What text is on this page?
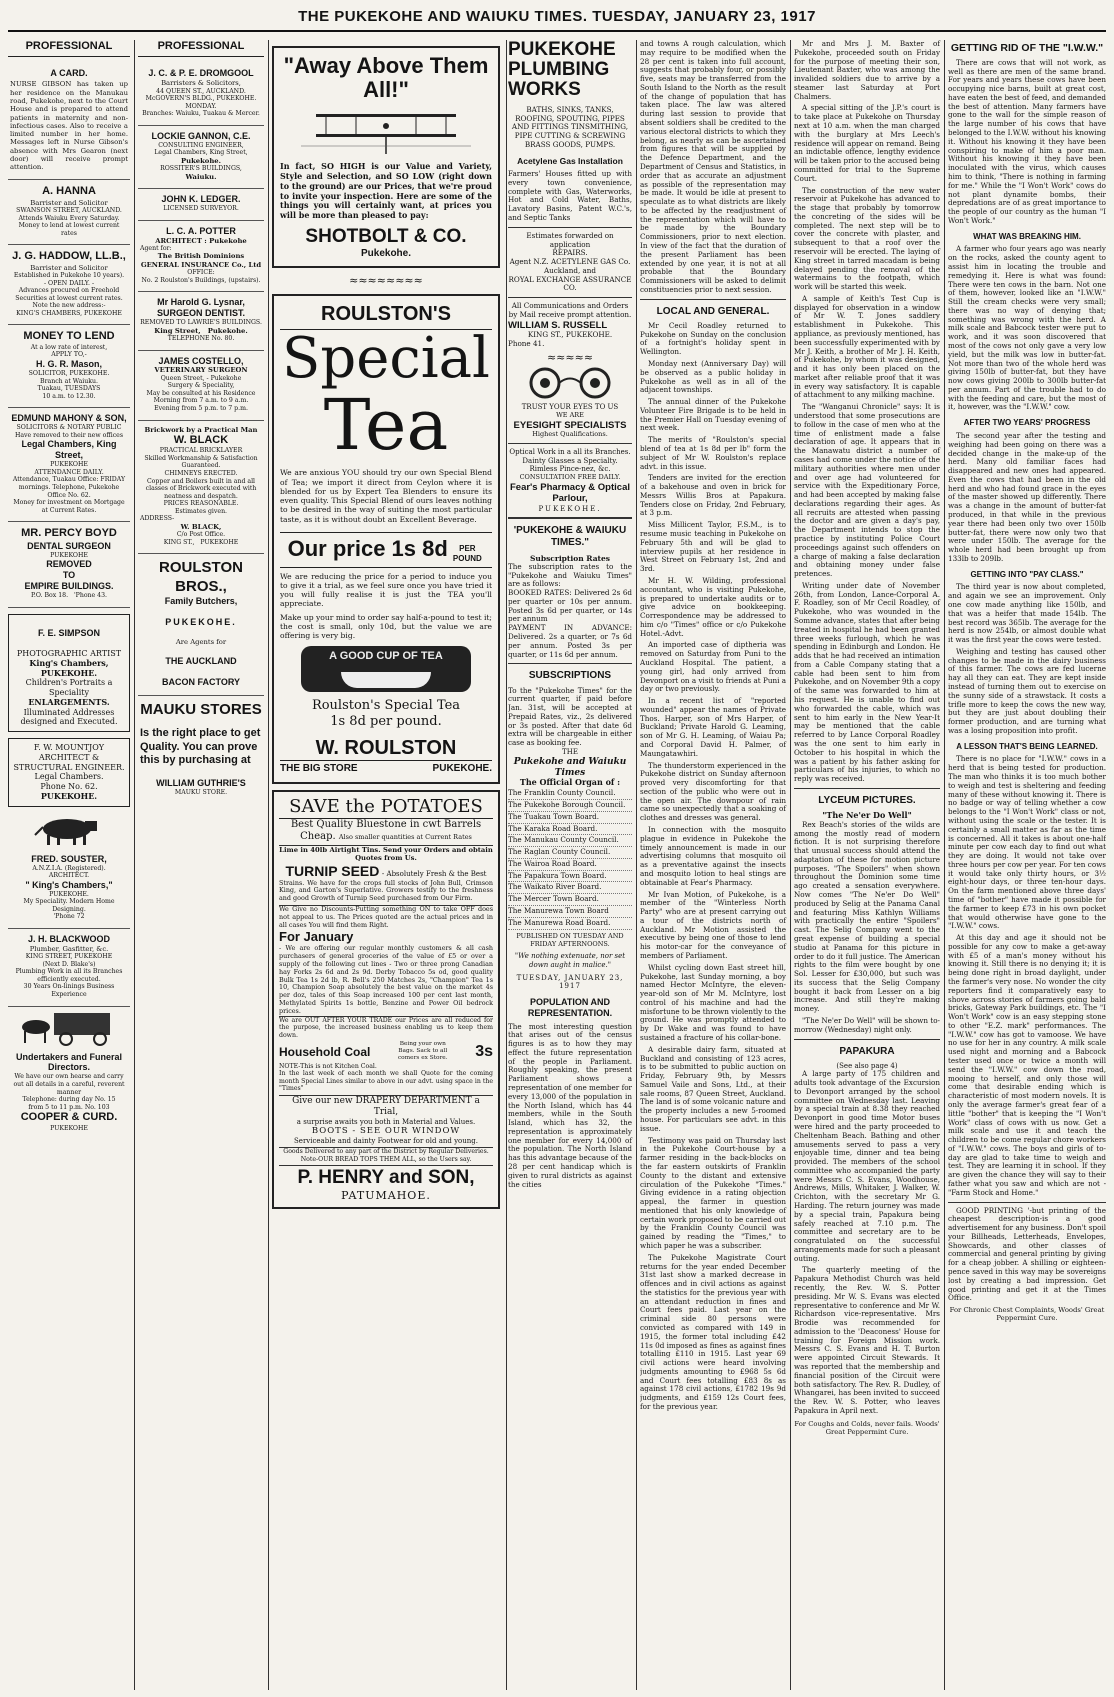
THE PUKEKOHE AND WAIUKU TIMES. TUESDAY, JANUARY 23, 1917
PROFESSIONAL
A CARD.

NURSE GIBSON has taken up her residence on the Manukau road, Pukekohe, next to the Court House and is prepared to attend patients in maternity and non-infectious cases. Also to receive a limited number in her home. Messages left in Nurse Gibson's absence with Mrs Gearon (next door) will receive prompt attention.

A. HANNA
Barrister and Solicitor
SWANSON STREET, AUCKLAND.
Attends Waiuku Every Saturday.
Money to lend at lowest current rates
J. G. HADDOW, LL.B.,
Barrister and Solicitor
Established in Pukekohe 10 years).
- OPEN DAILY. -
Advances procured on Freehold Securities at lowest current rates.
Note the new address:-
KING'S CHAMBERS, PUKEKOHE
MONEY TO LEND
At a low rate of interest,
APPLY TO,-
H. G. R. Mason,
SOLICITOR, PUKEKOHE.
Branch at Waiuku.
Tuakau, TUESDAYS
10 a.m. to 12.30.
EDMUND MAHONY & SON,
SOLICITORS & NOTARY PUBLIC
Have removed to their new offices
Legal Chambers, King Street,
PUKEKOHE
ATTENDANCE DAILY.
Attendance, Tuakau Office: FRIDAY mornings. Telephone, Pukekohe Office No. 62.
Money for investment on Mortgage at Current Rates.
MR. PERCY BOYD
DENTAL SURGEON
PUKEKOHE
REMOVED
TO
EMPIRE BUILDINGS.
P.O. Box 18. 'Phone 43.
F. E. SIMPSON
PHOTOGRAPHIC ARTIST
King's Chambers,
PUKEKOHE.
Children's Portraits a Speciality
ENLARGEMENTS.
Illuminated Addresses designed and Executed.
F. W. MOUNTJOY
ARCHITECT & STRUCTURAL ENGINEER.
Legal Chambers.
Phone No. 62. PUKEKOHE.
FRED. SOUSTER,
A.N.Z.I.A. (Registered).
ARCHITECT.
" King's Chambers,"
PUKEKOHE.
My Speciality. Modern Home Designing.
'Phone 72
J. H. BLACKWOOD
Plumber, Gasfitter, &c.
KING STREET, PUKEKOHE
(Next D. Blake's)
Plumbing Work in all its Branches efficiently executed.
30 Years On-linings Business Experience
Undertakers and Funeral Directors.
We have our own hearse and carry out all details in a careful, reverent manner
Telephone: during day No. 15
from 5 to 11 p.m. No. 103
COOPER & CURD.
PUKEKOHE
PROFESSIONAL
J. C. & P. E. DROMGOOL
Barristers & Solicitors,
44 QUEEN ST., AUCKLAND.
McGOVERN'S BLDG., PUKEKOHE.
MONDAY.
Branches: Waiuku, Tuakau & Mercer.
LOCKIE GANNON, C.E.
CONSULTING ENGINEER,
Legal Chambers, King Street,
Pukekohe.
ROSSITER'S BUILDINGS,
Waiuku.
JOHN K. LEDGER.
LICENSED SURVEYOR.
L. C. A. POTTER
ARCHITECT : Pukekohe
Agent for:
The British Dominions GENERAL INSURANCE Co., Ltd
OFFICE:
No. 2 Roulston's Buildings, (upstairs).
Mr Harold G. Lysnar,
SURGEON DENTIST.
REMOVED TO LAWRIE'S BUILDINGS.
King Street, Pukekohe.
TELEPHONE No. 80.
JAMES COSTELLO,
VETERINARY SURGEON
Queen Street, - Pukekohe
Surgery & Speciality,
May be consulted at his Residence
Morning from 7 a.m. to 9 a.m.
Evening from 5 p.m. to 7 p.m.
Brickwork by a Practical Man
W. BLACK
PRACTICAL BRICKLAYER
Skilled Workmanship & Satisfaction Guaranteed.
CHIMNEYS ERECTED.
Copper and Boilers built in and all classes of Brickwork executed with neatness and despatch.
PRICES REASONABLE.
Estimates given.
ADDRESS-
W. BLACK,
C/o Post Office.
KING ST., PUKEKOHE
ROULSTON BROS.,
Family Butchers,
PUKEKOHE.
Are Agents for
THE AUCKLAND
BACON FACTORY
MAUKU STORES
Is the right place to get Quality. You can prove this by purchasing at
WILLIAM GUTHRIE'S
MAUKU STORE.
"Away Above Them All!"
In fact, SO HIGH is our Value and Variety, Style and Selection, and SO LOW (right down to the ground) are our Prices, that we're proud to invite your inspection. Here are some of the things you will certainly want, at prices you will be more than pleased to pay:
SHOTBOLT & CO.
Pukekohe.
≈≈≈≈≈≈≈≈
ROULSTON'S
Special
Tea
We are anxious YOU should try our own Special Blend of Tea; we import it direct from Ceylon where it is blended for us by Expert Tea Blenders to ensure its even quality. This Special Blend of ours leaves nothing to be desired in the way of suiting the most particular taste, as it is without doubt an Excellent Beverage.
Our price 1s 8d PER POUND
We are reducing the price for a period to induce you to give it a trial, as we feel sure once you have tried it you will fully realise it is just the TEA you'll appreciate.
Make up your mind to order say half-a-pound to test it; the cost is small, only 10d, but the value we are offering is very big.
A GOOD CUP OF TEA
Roulston's Special Tea
1s 8d per pound.
W. ROULSTON
THE BIG STORE	PUKEKOHE.
SAVE the POTATOES
Best Quality Bluestone in cwt Barrels
Cheap. Also smaller quantities at Current Rates
Lime in 40lb Airtight Tins. Send your Orders and obtain Quotes from Us.
TURNIP SEED - Absolutely Fresh & the Best
Strains. We have for the crops full stocks of John Bull, Crimson King, and Garton's Superlative. Growers testify to the freshness and good Growth of Turnip Seed purchased from Our Firm.
We Give no Discounts-Putting something ON to take OFF does not appeal to us. The Prices quoted are the actual prices and in all cases You will find them Right.
For January
- We are offering our regular monthly customers & all cash purchasers of general groceries of the value of £5 or over a supply of the following cut lines - Two or three prong Canadian hay Forks 2s 6d and 2s 9d. Derby Tobacco 5s od, good quality Bulk Tea 1s 2d lb, R. Bell's 250 Matches 2s, "Champion" Tea 1s 10, Champion Soap absolutely the best value on the market 4s per doz, tales of this Soap increased 100 per cent last month, Methylated Spirits 1s bottle, Benzine and Power Oil bedrock prices.
We are OUT AFTER YOUR TRADE our Prices are all reduced for the purpose, the increased business enabling us to keep them down.
Household Coal
Being your own Bags. Sack to all comers ex Store.	3s
NOTE-This is not Kitchen Coal.
In the last week of each month we shall Quote for the coming month Special Lines similar to above in our advt. using space in the "Times"
Give our new DRAPERY DEPARTMENT a Trial,
a surprise awaits you both in Material and Values.
BOOTS - SEE OUR WINDOW
Serviceable and dainty Footwear for old and young.
Goods Delivered to any part of the District by Regular Deliveries.
Note-OUR BREAD TOPS THEM ALL, so the Users say.
P. HENRY and SON,
PATUMAHOE.
PUKEKOHE
PLUMBING
WORKS
BATHS, SINKS, TANKS, ROOFING, SPOUTING, PIPES AND FITTINGS TINSMITHING, PIPE CUTTING & SCREWING BRASS GOODS, PUMPS.
Acetylene Gas Installation
Farmers' Houses fitted up with every town convenience, complete with Gas, Waterworks, Hot and Cold Water, Baths, Lavatory Basins, Patent W.C.'s, and Septic Tanks
Estimates forwarded on application
REPAIRS.
Agent N.Z. ACETYLENE GAS Co. Auckland, and
ROYAL EXCHANGE ASSURANCE CO.
All Communications and Orders by Mail receive prompt attention.
WILLIAM S. RUSSELL
KING ST., PUKEKOHE.
Phone 41.
≈≈≈≈≈
TRUST YOUR EYES TO US
WE ARE
EYESIGHT SPECIALISTS
Highest Qualifications.
Optical Work in a all its Branches. Dainty Glasses a Specialty. Rimless Pince-nez, &c.
CONSULTATION FREE DAILY.
Fear's Pharmacy & Optical Parlour,
PUKEKOHE.
'PUKEKOHE & WAIUKU TIMES."
Subscription Rates
The subscription rates to the "Pukekohe and Waiuku Times" are as follows:
BOOKED RATES: Delivered 2s 6d per quarter or 10s per annum. Posted 3s 6d per quarter, or 14s per annum
PAYMENT IN ADVANCE: Delivered. 2s a quarter, or 7s 6d per annum. Posted 3s per quarter, or 11s 6d per annum.
SUBSCRIPTIONS
To the "Pukekohe Times" for the current quarter, if paid before Jan. 31st, will be accepted at Prepaid Rates, viz., 2s delivered or 3s posted. After that date 6d extra will be chargeable in either case as booking fee.
THE
Pukekohe and Waiuku Times
The Official Organ of :
The Franklin County Council.
The Pukekohe Borough Council.
The Tuakau Town Board.
The Karaka Road Board.
The Manukau County Council.
The Raglan County Council.
The Wairoa Road Board.
The Papakura Town Board.
The Waikato River Board.
The Mercer Town Board.
The Manurewa Town Board
The Manurewa Road Board.
PUBLISHED ON TUESDAY AND FRIDAY AFTERNOONS.
"We nothing extenuate, nor set down aught in malice."
TUESDAY, JANUARY 23, 1917
POPULATION AND REPRESENTATION.
The most interesting question that arises out of the census figures is as to how they may effect the future representation of the people in Parliament. Roughly speaking, the present Parliament shows a representation of one member for every 13,000 of the population in the North Island, which has 44 members, while in the South Island, which has 32, the representation is approximately one member for every 14,000 of the population. The North Island has this advantage because of the 28 per cent handicap which is given to rural districts as against the cities

and towns A rough calculation, which may require to be modified when the 28 per cent is taken into full account, suggests that probably four, or possibly five, seats may be transferred from the South Island to the North as the result of the change of population that has taken place. The law was altered during last session to provide that absent soldiers shall be credited to the various electoral districts to which they belong, as nearly as can be ascertained from figures that will be supplied by the Defence Department, and the Department of Census and Statistics, in order that as accurate an adjustment as possible of the representation may be made. It would be idle at present to speculate as to what districts are likely to be affected by the readjustment of the representation which will have to be made by the Boundary Commissioners, prior to next election. In view of the fact that the duration of the present Parliament has been extended by one year, it is not at all probable that the Boundary Commissioners will be asked to delimit constituencies prior to next session.

LOCAL AND GENERAL.

Mr Cecil Roadley returned to Pukekohe on Sunday on the conclusion of a fortnight's holiday spent in Wellington.

Monday next (Anniversary Day) will be observed as a public holiday in Pukekohe as well as in all of the adjacent townships.

The annual dinner of the Pukekohe Volunteer Fire Brigade is to be held in the Premier Hall on Tuesday evening of next week.

The merits of "Roulston's special blend of tea at 1s 8d per lb" form the subject of Mr W. Roulston's replace advt. in this issue.

Tenders are invited for the erection of a bakehouse and oven in brick for Messrs Willis Bros at Papakura. Tenders close on Friday, 2nd February, at 3 p.m.

Miss Millicent Taylor, F.S.M., is to resume music teaching in Pukekohe on February 5th and will be glad to interview pupils at her residence in West Street on February 1st, 2nd and 3rd.

Mr H. W. Wilding, professional accountant, who is visiting Pukekohe, is prepared to undertake audits or to give advice on bookkeeping. Correspondence may be addressed to him c/o "Times" office or c/o Pukekohe Hotel.-Advt.

An imported case of diptheria was removed on Saturday from Puni to the Auckland Hospital. The patient, a young girl, had only arrived from Devonport on a visit to friends at Puni a day or two previously.

In a recent list of "reported wounded" appear the names of Private Thos. Harper, son of Mrs Harper, of Buckland; Private Harold G. Leaming, son of Mr G. H. Leaming, of Waiau Pa; and Corporal David H. Palmer, of Maungatawhiri.

The thunderstorm experienced in the Pukekohe district on Sunday afternoon proved very discomforting for that section of the public who were out in the open air. The downpour of rain came so unexpectedly that a soaking of clothes and dresses was general.

In connection with the mosquito plague in evidence in Pukekohe the timely announcement is made in our advertising columns that mosquito oil as a preventative against the insects and mosquito lotion to heal stings are obtainable at Fear's Pharmacy.

Mr Ivan Motion, of Pukekohe, is a member of the "Winterless North Party" who are at present carrying out a tour of the districts north of Auckland. Mr Motion assisted the executive by being one of those to lend his motor-car for the conveyance of members of Parliament.

Whilst cycling down East street hill, Pukekohe, last Sunday morning, a boy named Hector McIntyre, the eleven-year-old son of Mr M. McIntyre, lost control of his machine and had the misfortune to be thrown violently to the ground. He was promptly attended to by Dr Wake and was found to have sustained a fracture of his collar-bone.

A desirable dairy farm, situated at Buckland and consisting of 123 acres, is to be submitted to public auction on Friday, February 9th, by Messrs Samuel Vaile and Sons, Ltd., at their sale rooms, 87 Queen Street, Auckland. The land is of some volcanic nature and the property includes a new 5-roomed house. For particulars see advt. in this issue.

Testimony was paid on Thursday last in the Pukekohe Court-house by a farmer residing in the back-blocks on the far eastern outskirts of Franklin County to the distant and extensive circulation of the Pukekohe "Times." Giving evidence in a rating objection appeal, the farmer in question mentioned that his only knowledge of certain work proposed to be carried out by the Franklin County Council was gained by reading the "Times," to which paper he was a subscriber.

The Pukekohe Magistrate Court returns for the year ended December 31st last show a marked decrease in offences and in civil actions as against the statistics for the previous year with an attendant reduction in fines and Court fees paid. Last year on the criminal side 80 persons were convicted as compared with 149 in 1915, the former total including £42 11s 0d imposed as fines as against fines totalling £110 in 1915. Last year 69 civil actions were heard involving judgments amounting to £968 5s 6d and Court fees totalling £83 8s as against 178 civil actions, £1782 19s 9d judgments, and £159 12s Court fees, for the previous year.

Mr and Mrs J. M. Baxter of Pukekohe, proceeded south on Friday for the purpose of meeting their son, Lieutenant Baxter, who was among the invalided soldiers due to arrive by a steamer last Saturday at Port Chalmers.

A special sitting of the J.P.'s court is to take place at Pukekohe on Thursday next at 10 a.m. when the man charged with the burglary at Mrs Leech's residence will appear on remand. Being an indictable offence, lengthy evidence will be taken prior to the accused being committed for trial to the Supreme Court.

The construction of the new water reservoir at Pukekohe has advanced to the stage that probably by tomorrow the concreting of the sides will be completed. The next step will be to cover the concrete with plaster, and subsequent to that a roof over the reservoir will be erected. The laying of King street in tarred macadam is being delayed pending the removal of the watermains to the footpath, which work will be started this week.

A sample of Keith's Test Cup is displayed for observation in a window of Mr W. T. Jones saddlery establishment in Pukekohe. This appliance, as previously mentioned, has been successfully experimented with by Mr J. Keith, a brother of Mr J. H. Keith, of Pukekohe, by whom it was designed, and it has only been placed on the market after reliable proof that it was in every way satisfactory. It is capable of attachment to any milking machine.

The "Wanganui Chronicle" says: It is understood that some prosecutions are to follow in the case of men who at the time of enlistment made a false declaration of age. It appears that in the Manawatu district a number of cases had come under the notice of the military authorities where men under and over age had volunteered for service with the Expeditionary Force, and had been accepted by making false declarations regarding their ages. As all recruits are attested when passing the doctor and are given a day's pay, the Department intends to stop the practice by instituting Police Court proceedings against such offenders on a charge of making a false declaration and obtaining money under false pretences.

Writing under date of November 26th, from London, Lance-Corporal A. F. Roadley, son of Mr Cecil Roadley, of Pukekohe, who was wounded in the Somme advance, states that after being treated in hospital he had been granted three weeks furlough, which he was spending in Edinburgh and London. He adds that he had received an intimation from a Cable Company stating that a cable had been sent to him from Pukekohe, and on November 9th a copy of the same was forwarded to him at his request. He is unable to find out who forwarded the cable, which was sent to him early in the New Year-It may be mentioned that the cable referred to by Lance Corporal Roadley was the one sent to him early in October to his hospital in which the was a patient by his father asking for particulars of his injuries, to which no reply was received.

LYCEUM PICTURES.
"The Ne'er Do Well"

Rex Beach's stories of the wilds are among the mostly read of modern fiction. It is not surprising therefore that unusual success should attend the adaptation of these for motion picture purposes. "The Spoilers" when shown throughout the Dominion some time ago created a sensation everywhere. Now comes "The Ne'er Do Well" produced by Selig at the Panama Canal and featuring Miss Kathlyn Williams with practically the entire "Spoilers" cast. The Selig Company went to the great expense of building a special studio at Panama for this picture in order to do it full justice. The American rights to the film were bought by one Sol. Lesser for £30,000, but such was its success that the Selig Company bought it back from Lesser on a big increase. And still they're making money.

"The Ne'er Do Well" will be shown to-morrow (Wednesday) night only.

PAPAKURA
(See also page 4)

A large party of 175 children and adults took advantage of the Excursion to Devonport arranged by the school committee on Wednesday last. Leaving by a special train at 8.38 they reached Devonport in good time Motor buses were hired and the party proceeded to Cheltenham Beach. Bathing and other amusements served to pass a very enjoyable time, dinner and tea being provided. The members of the school committee who accompanied the party were Messrs C. S. Evans, Woodhouse, Andrews, Mills, Whitaker, J. Walker, W. Crichton, with the secretary Mr G. Harding. The return journey was made by a special train, Papakura being safely reached at 7.10 p.m. The committee and secretary are to be congratulated on the successful arrangements made for such a pleasant outing.

The quarterly meeting of the Papakura Methodist Church was held recently, the Rev. W. S. Potter presiding. Mr W. S. Evans was elected representative to conference and Mr W. Richardson vice-representative. Mrs Brodie was recommended for admission to the 'Deaconess' House for training for Foreign Mission work. Messrs C. S. Evans and H. T. Burton were appointed Circuit Stewards. It was reported that the membership and financial position of the Circuit were both satisfactory. The Rev. R. Dudley, of Whangarei, has been invited to succeed the Rev. W. S. Potter, who leaves Papakura in April next.

For Coughs and Colds, never fails. Woods' Great Peppermint Cure.
GETTING RID OF THE "I.W.W."

There are cows that will not work, as well as there are men of the same brand. For years and years these cows have been occupying nice barns, built at great cost, have eaten the best of feed, and demanded the best of attention. Many farmers have gone to the wall for the simple reason of the large number of his cows that have belonged to the I.W.W. without his knowing it. Without his knowing it they have been conspiring to make of him a poor man. Without his knowing it they have been inoculated with the virus, which causes him to think, "There is nothing in farming for me." While the "I Won't Work" cows do not plant dynamite bombs, their depredations are of as great importance to the people of our country as the human "I Won't Work."

WHAT WAS BREAKING HIM.

A farmer who four years ago was nearly on the rocks, asked the county agent to assist him in locating the trouble and remedying it. Here is what was found: There were ten cows in the barn. Not one of them, however, looked like an "I.W.W." Still the cream checks were very small; there was no way of denying that; something was wrong with the herd. A milk scale and Babcock tester were put to work, and it was soon discovered that most of the cows not only gave a very low yield, but the milk was low in butter-fat. Not more than two of the whole herd was giving 150lb of butter-fat, but they have now cows giving 200lb to 300lb butter-fat per annum. Part of the trouble had to do with the feeding and care, but the most of it, however, was the "I.W.W." cow.

AFTER TWO YEARS' PROGRESS

The second year after the testing and weighing had been going on there was a decided change in the make-up of the herd. Many old familiar faces had disappeared and new ones had appeared. Even the cows that had been in the old herd and who had found grace in the eyes of the master showed up differently. There was a change in the amount of butter-fat produced, in that while in the previous year there had been only two over 150lb butter-fat, there were now only two that were under 150lb. The average for the whole herd had been brought up from 133lb to 209lb.

GETTING INTO "PAY CLASS."

The third year is now about completed, and again we see an improvement. Only one cow made anything like 150lb, and that was a heifer that made 154lb. The best record was 365lb. The average for the herd is now 254lb, or almost double what it was the first year the cows were tested.

Weighing and testing has caused other changes to be made in the dairy business of this farmer. The cows are fed lucerne hay all they can eat. They are kept inside instead of turning them out to exercise on the sunny side of a strawstack. It costs a trifle more to keep the cows the new way, but they are just about doubling their former production, and are turning what was a losing proposition into profit.

A LESSON THAT'S BEING LEARNED.

There is no place for "I.W.W." cows in a herd that is being tested for production. The man who thinks it is too much bother to weigh and test is sheltering and feeding many of these without knowing it. There is no badge or way of telling whether a cow belongs to the "I Won't Work" class or not, without using the scale or the tester. It is certainly a small matter as far as the time is concerned. All it takes is about one-half minute per cow each day to find out what they are doing. It would not take over three hours per cow per year. For ten cows it would take only thirty hours, or 3½ eight-hour days, or three ten-hour days. On the farm mentioned above three days' time of "bother" have made it possible for the farmer to keep £73 in his own pocket that would otherwise have gone to the "I.W.W." cows.

At this day and age it should not be possible for any cow to make a get-away with £5 of a man's money without his knowing it. Still there is no denying it; it is being done right in broad daylight, under the farmer's very nose. No wonder the city reporters find it comparatively easy to shove across stories of farmers going bald bricks, Gateway Park buildings, etc. The "I Won't Work" cow is an easy stepping stone to other "E.Z. mark" performances. The "I.W.W." cow has got to vamoose. We have no use for her in any country. A milk scale used night and morning and a Babcock tester used once or twice a month will send the "I.W.W." cow down the road, mooing to herself, and only those will come that desirable ending which is characteristic of most modern novels. It is only the average farmer's great fear of a little "bother" that is keeping the "I Won't Work" class of cows with us now. Get a milk scale and use it and teach the children to be come regular chore workers of "I.W.W." cows. The boys and girls of to-day are glad to take time to weigh and test. They are learning it in school. If they are given the chance they will say to their father what you saw and which are not - "Farm Stock and Home."

GOOD PRINTING '-but printing of the cheapest description-is a good advertisement for any business. Don't spoil your Billheads, Letterheads, Envelopes, Showcards, and other classes of commercial and general printing by giving for a cheap jobber. A shilling or eighteen-pence saved in this way may be sovereigns lost by creating a bad impression. Get good printing and get it at the Times Office.

For Chronic Chest Complaints, Woods' Great Peppermint Cure.
